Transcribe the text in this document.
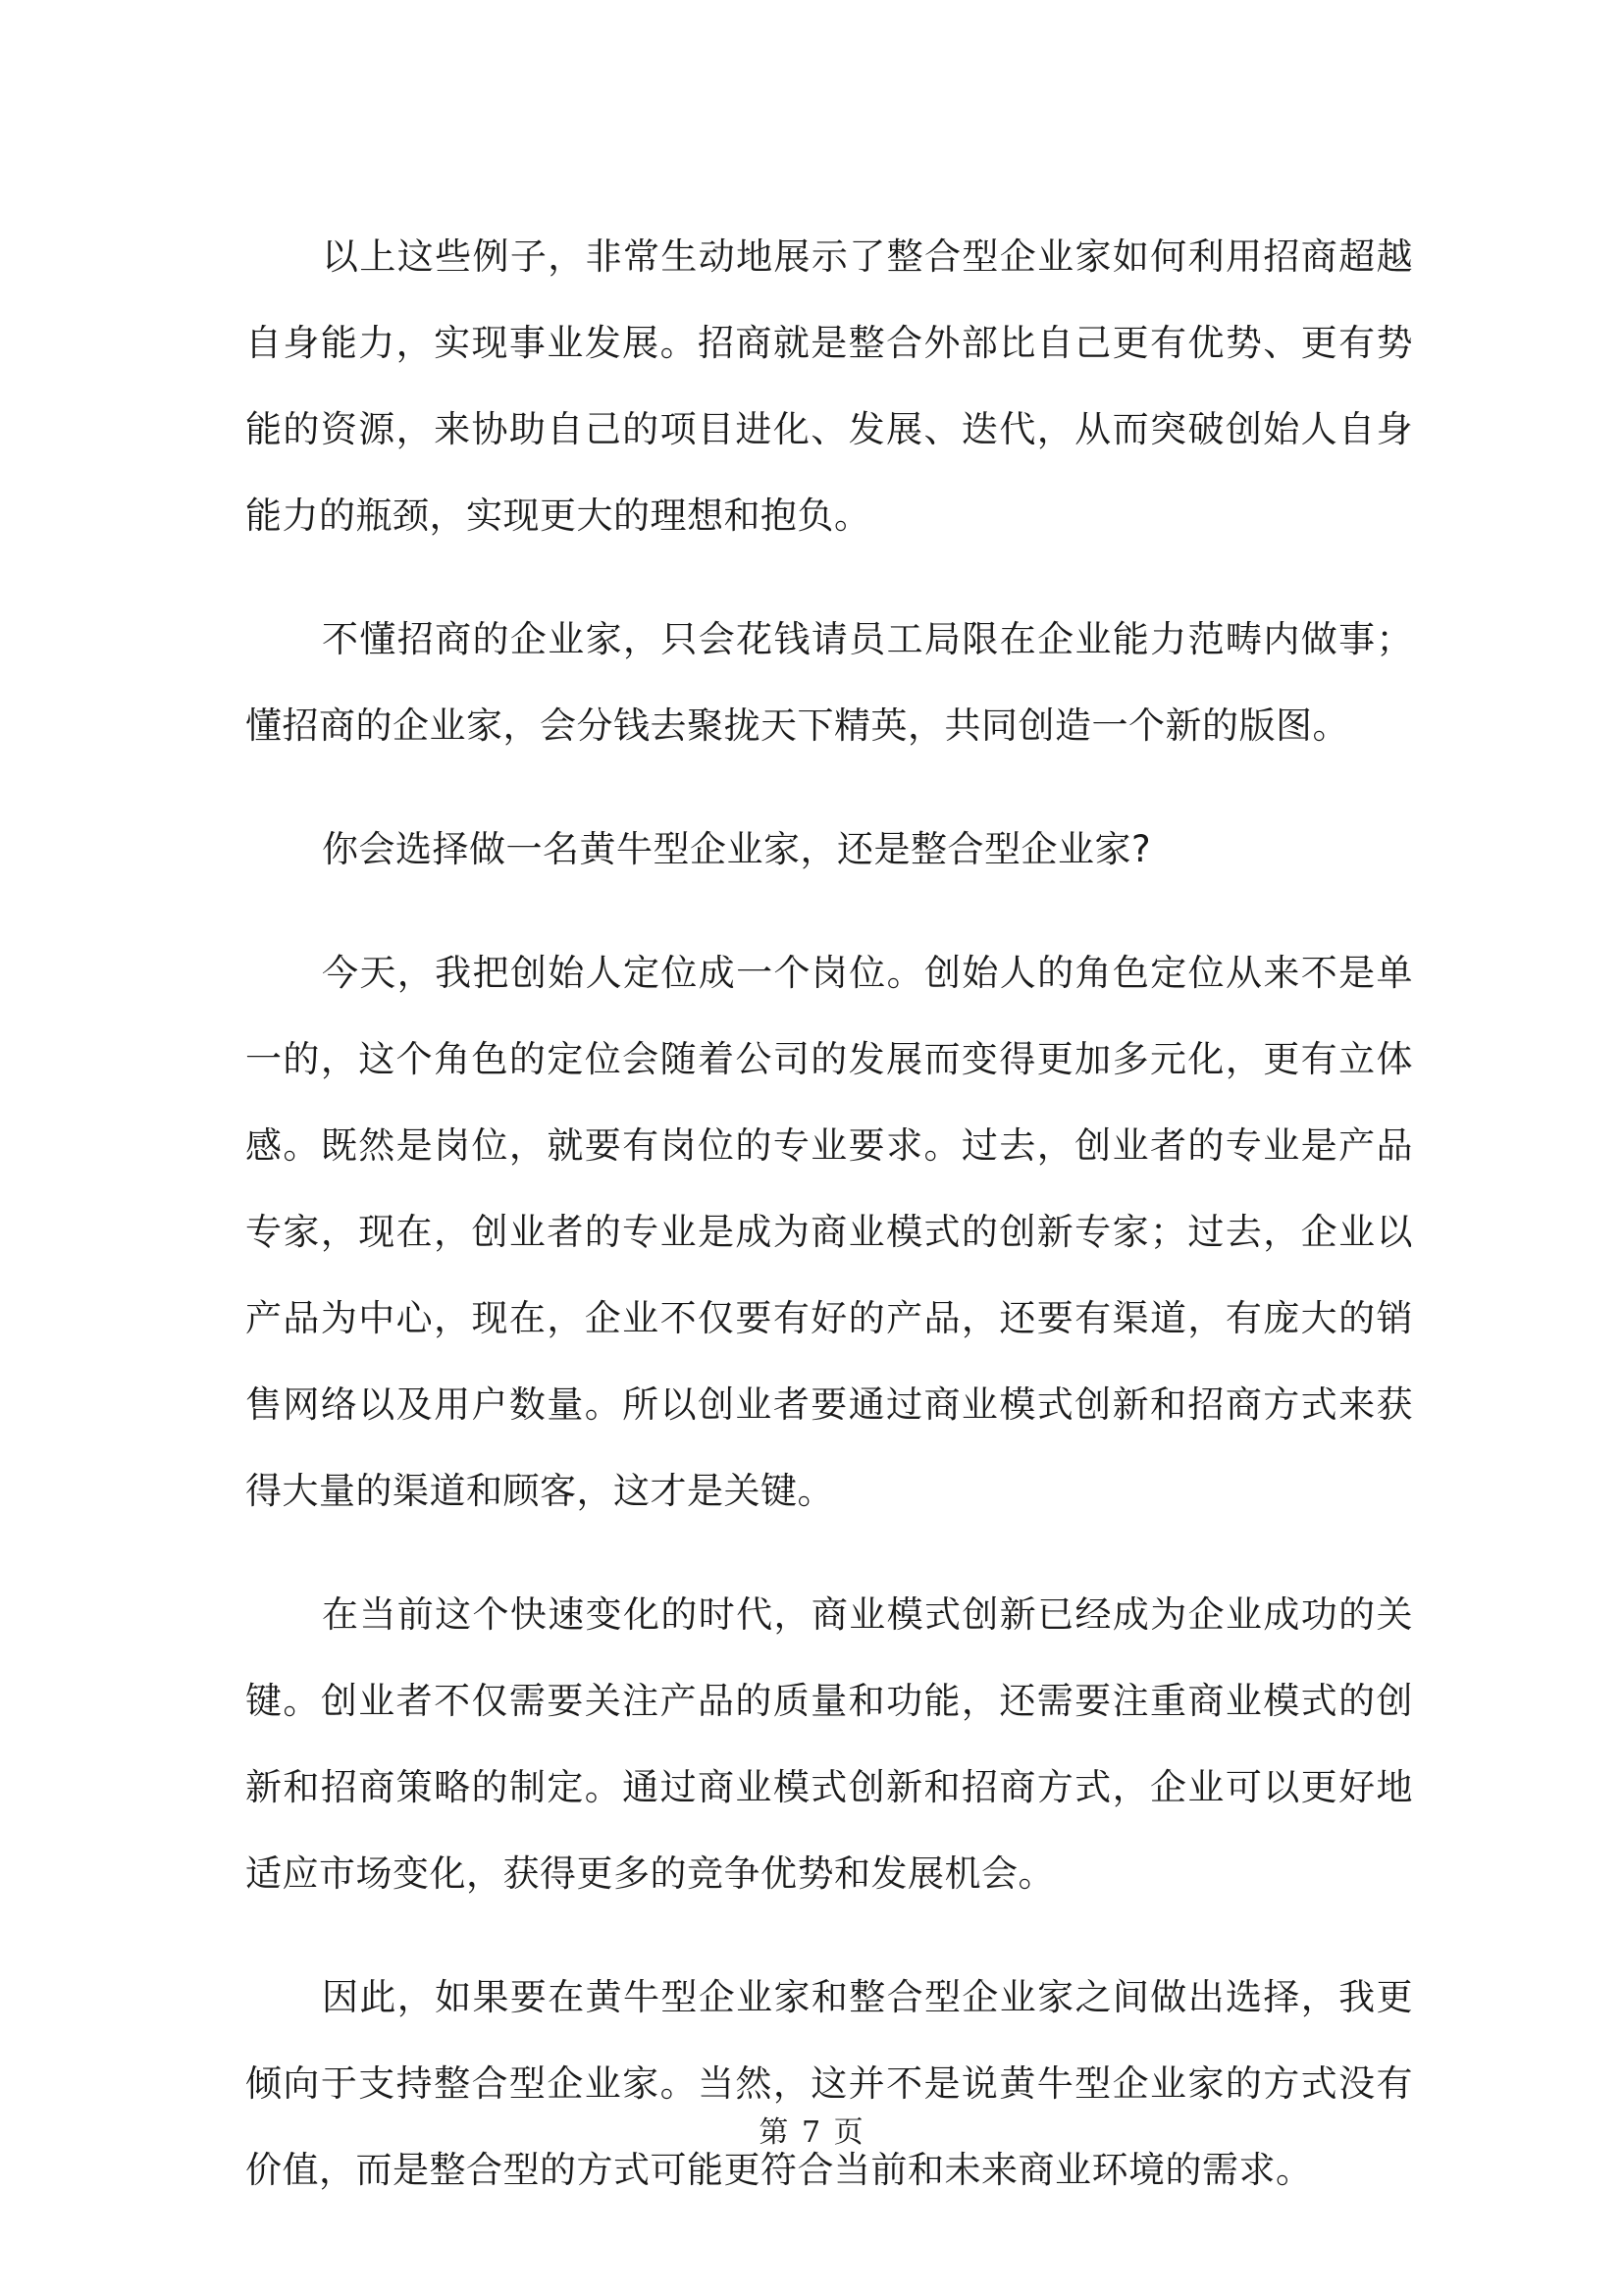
以上这些例子，非常生动地展示了整合型企业家如何利用招商超越自身能力，实现事业发展。招商就是整合外部比自己更有优势、更有势能的资源，来协助自己的项目进化、发展、迭代，从而突破创始人自身能力的瓶颈，实现更大的理想和抱负。

不懂招商的企业家，只会花钱请员工局限在企业能力范畴内做事；懂招商的企业家，会分钱去聚拢天下精英，共同创造一个新的版图。

你会选择做一名黄牛型企业家，还是整合型企业家?

今天，我把创始人定位成一个岗位。创始人的角色定位从来不是单一的，这个角色的定位会随着公司的发展而变得更加多元化，更有立体感。既然是岗位，就要有岗位的专业要求。过去，创业者的专业是产品专家，现在，创业者的专业是成为商业模式的创新专家；过去，企业以产品为中心，现在，企业不仅要有好的产品，还要有渠道，有庞大的销售网络以及用户数量。所以创业者要通过商业模式创新和招商方式来获得大量的渠道和顾客，这才是关键。

在当前这个快速变化的时代，商业模式创新已经成为企业成功的关键。创业者不仅需要关注产品的质量和功能，还需要注重商业模式的创新和招商策略的制定。通过商业模式创新和招商方式，企业可以更好地适应市场变化，获得更多的竞争优势和发展机会。

因此，如果要在黄牛型企业家和整合型企业家之间做出选择，我更倾向于支持整合型企业家。当然，这并不是说黄牛型企业家的方式没有价值，而是整合型的方式可能更符合当前和未来商业环境的需求。

第 7 页
